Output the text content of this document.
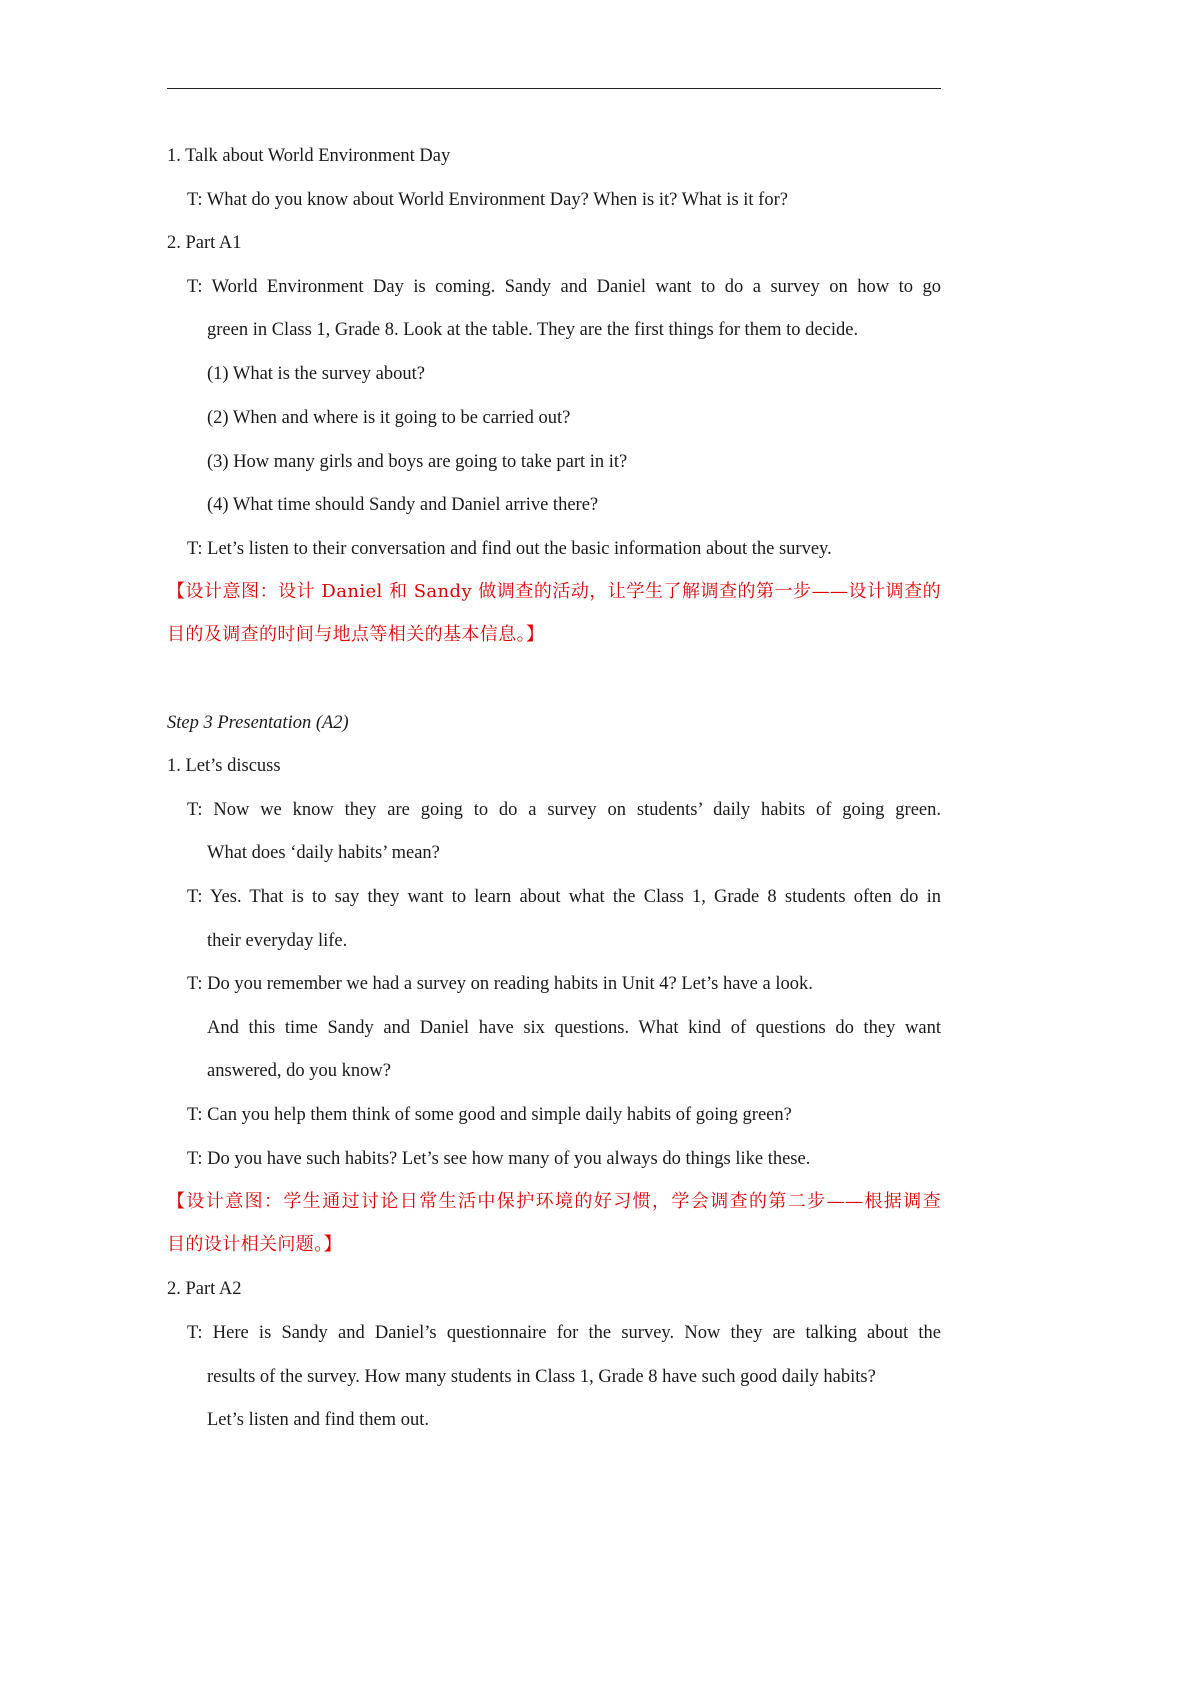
1. Talk about World Environment Day
T: What do you know about World Environment Day? When is it? What is it for?
2. Part A1
T: World Environment Day is coming. Sandy and Daniel want to do a survey on how to go
green in Class 1, Grade 8. Look at the table. They are the first things for them to decide.
(1) What is the survey about?
(2) When and where is it going to be carried out?
(3) How many girls and boys are going to take part in it?
(4) What time should Sandy and Daniel arrive there?
T: Let’s listen to their conversation and find out the basic information about the survey.
【设计意图：设计 Daniel 和 Sandy 做调查的活动，让学生了解调查的第一步——设计调查的
目的及调查的时间与地点等相关的基本信息。】
Step 3 Presentation (A2)
1. Let’s discuss
T: Now we know they are going to do a survey on students’ daily habits of going green.
What does ‘daily habits’ mean?
T: Yes. That is to say they want to learn about what the Class 1, Grade 8 students often do in
their everyday life.
T: Do you remember we had a survey on reading habits in Unit 4? Let’s have a look.
And this time Sandy and Daniel have six questions. What kind of questions do they want
answered, do you know?
T: Can you help them think of some good and simple daily habits of going green?
T: Do you have such habits? Let’s see how many of you always do things like these.
【设计意图：学生通过讨论日常生活中保护环境的好习惯，学会调查的第二步——根据调查
目的设计相关问题。】
2. Part A2
T: Here is Sandy and Daniel’s questionnaire for the survey. Now they are talking about the
results of the survey. How many students in Class 1, Grade 8 have such good daily habits?
Let’s listen and find them out.
